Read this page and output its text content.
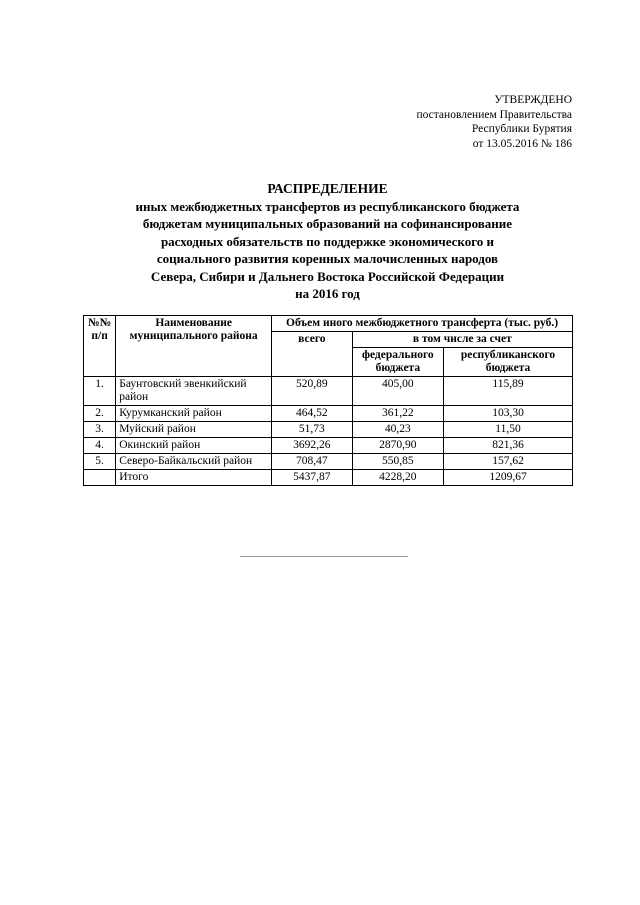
УТВЕРЖДЕНО
постановлением Правительства
Республики Бурятия
от 13.05.2016 № 186
РАСПРЕДЕЛЕНИЕ
иных межбюджетных трансфертов из республиканского бюджета
бюджетам муниципальных образований на софинансирование
расходных обязательств по поддержке экономического и
социального развития коренных малочисленных народов
Севера, Сибири и Дальнего Востока Российской Федерации
на 2016 год
№№ п/п	Наименование муниципального района	Объем иного межбюджетного трансферта (тыс. руб.)		
		всего	в том числе за счет	
			федерального бюджета	республиканского бюджета
1.	Баунтовский эвенкийский район	520,89	405,00	115,89
2.	Курумканский район	464,52	361,22	103,30
3.	Муйский район	51,73	40,23	11,50
4.	Окинский район	3692,26	2870,90	821,36
5.	Северо-Байкальский район	708,47	550,85	157,62
	Итого	5437,87	4228,20	1209,67
